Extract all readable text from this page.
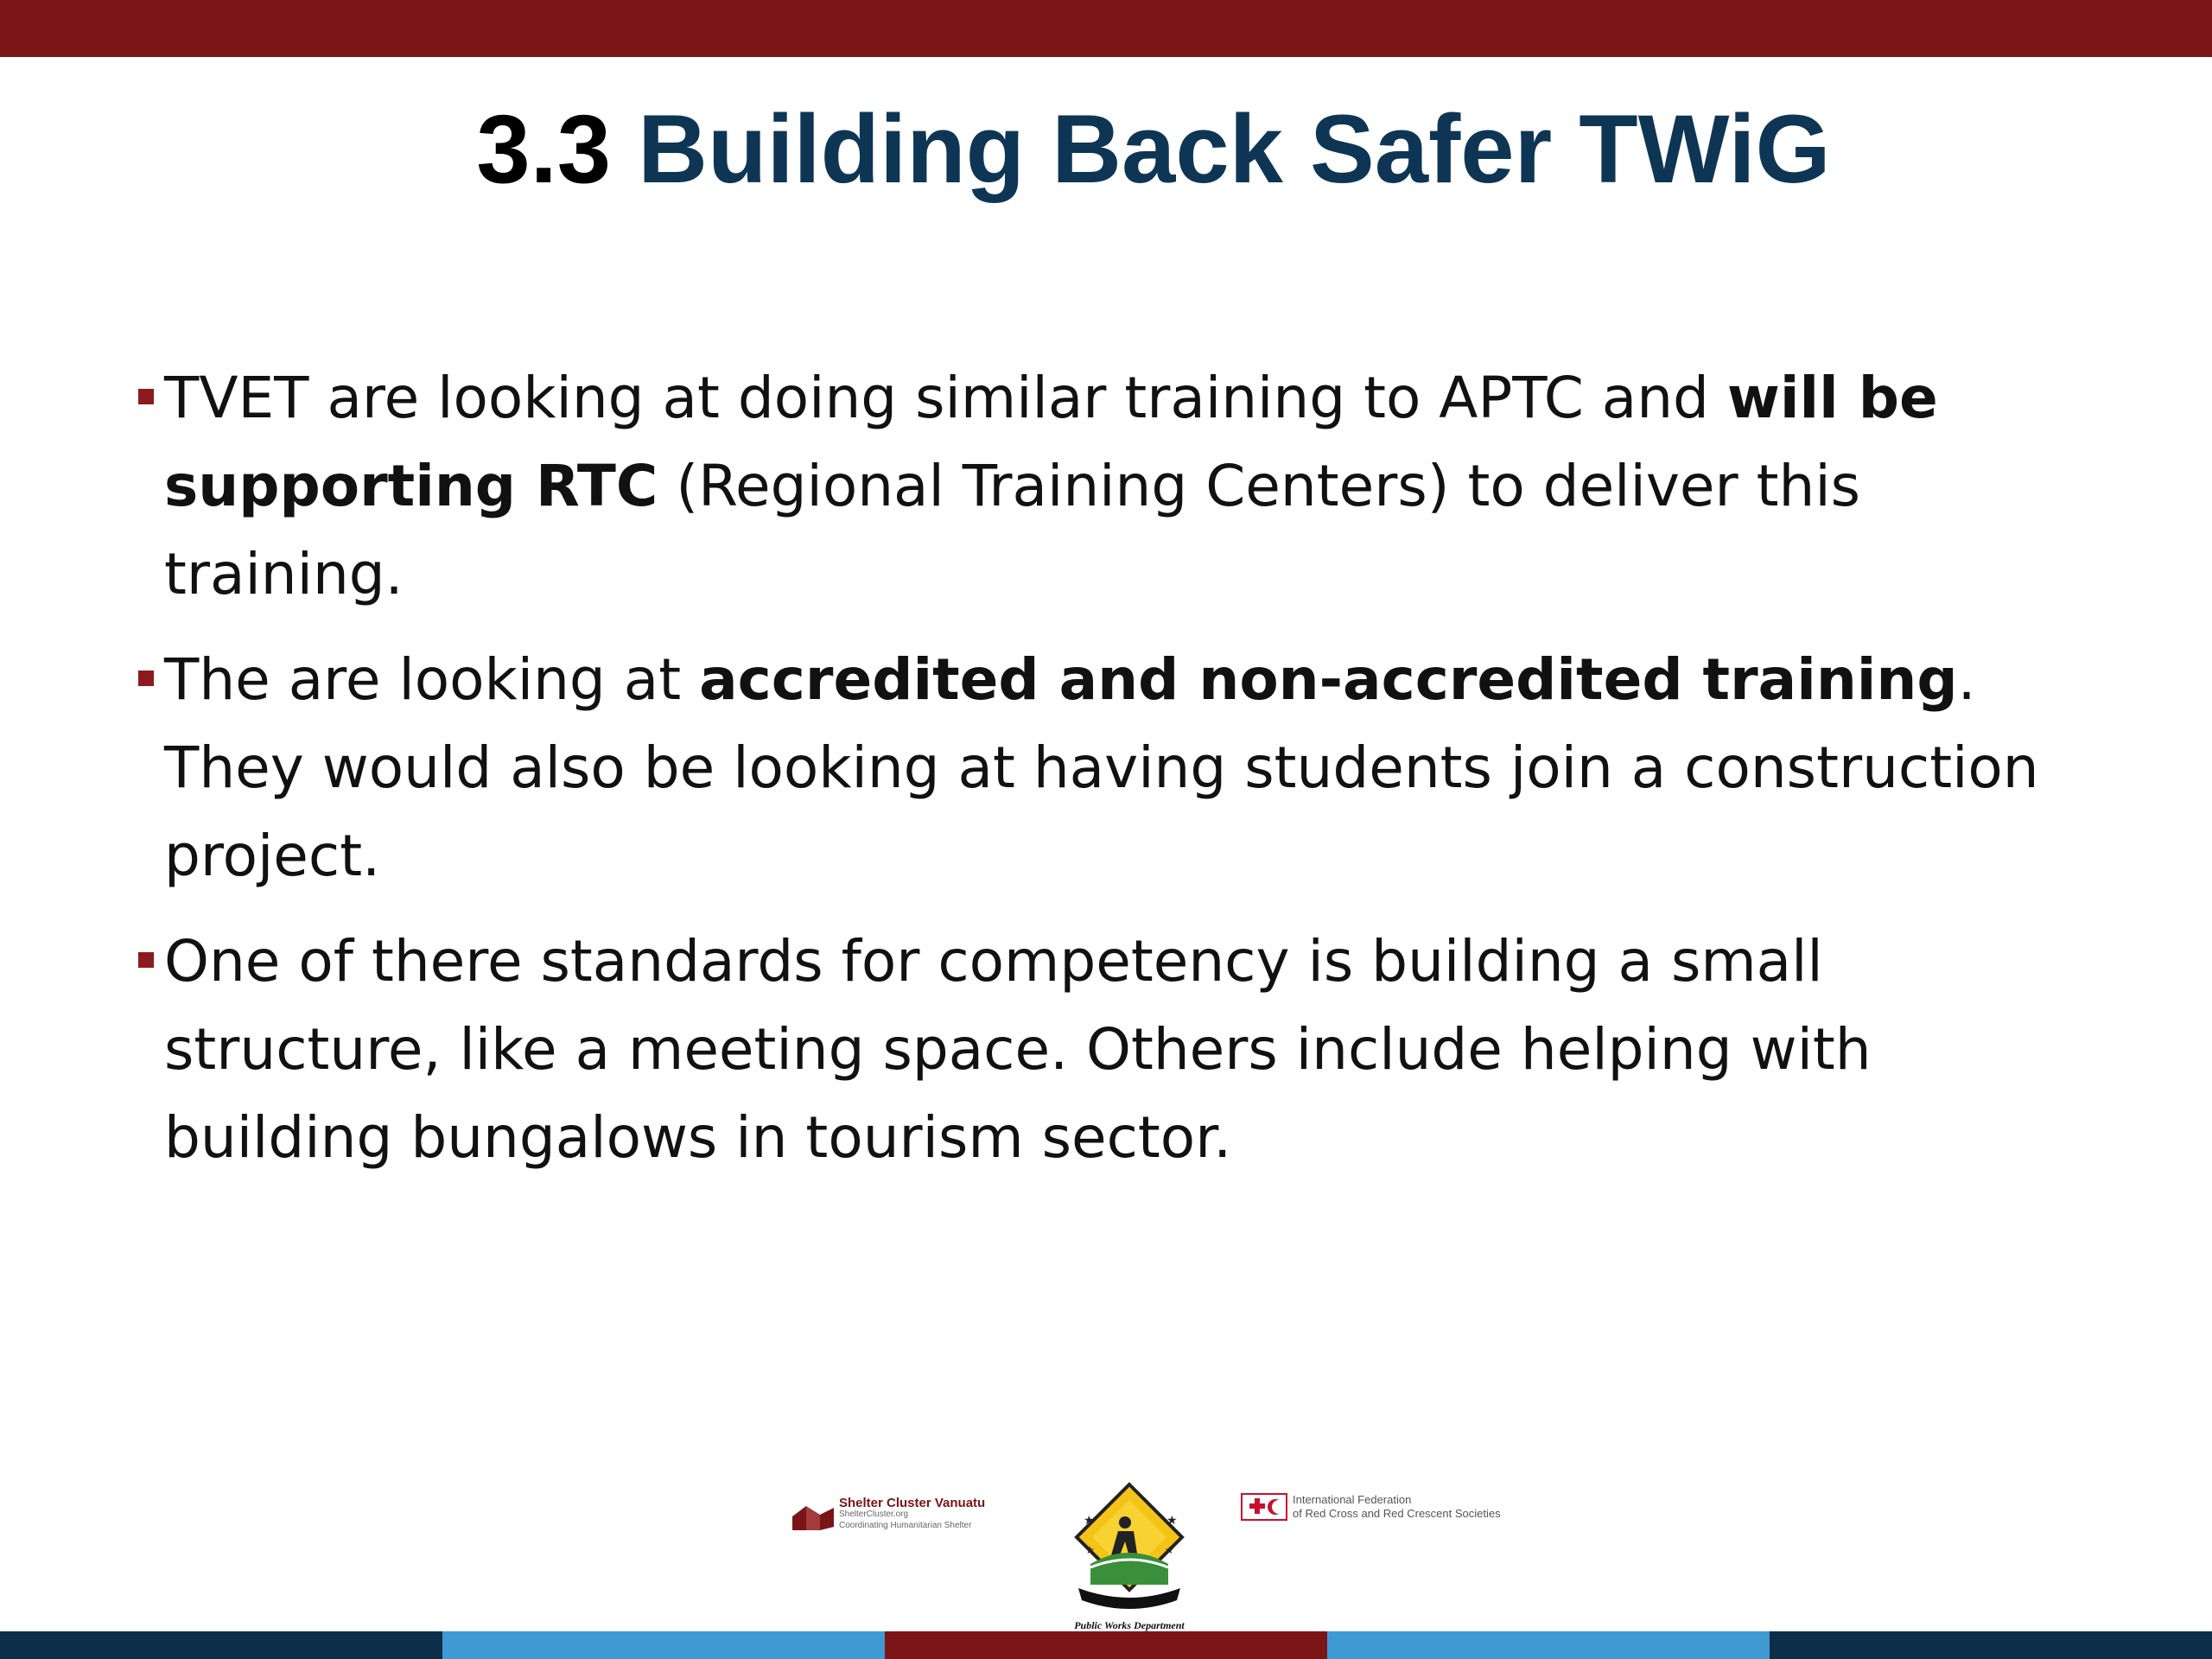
3.3 Building Back Safer TWiG
TVET are looking at doing similar training to APTC and will be supporting RTC (Regional Training Centers) to deliver this training.
The are looking at accredited and non-accredited training. They would also be looking at having students join a construction project.
One of there standards for competency is building a small structure, like a meeting space. Others include helping with building bungalows in tourism sector.
Shelter Cluster Vanuatu
ShelterCluster.org
Coordinating Humanitarian Shelter	★	★
★	★
Public Works Department
International Federation
of Red Cross and Red Crescent Societies
